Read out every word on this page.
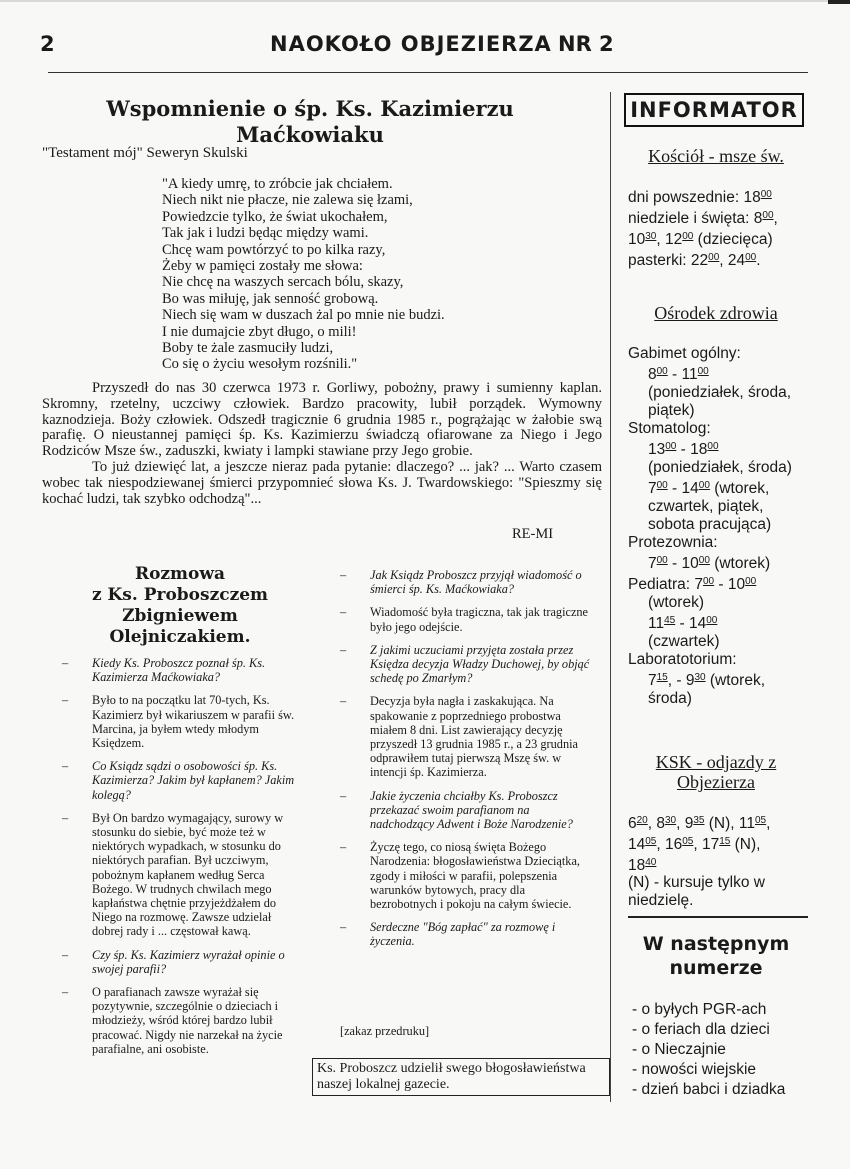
2	NAOKOŁO OBJEZIERZA NR 2
Wspomnienie o śp. Ks. Kazimierzu
Maćkowiaku
"Testament mój" Seweryn Skulski
"A kiedy umrę, to zróbcie jak chciałem.
Niech nikt nie płacze, nie zalewa się łzami,
Powiedzcie tylko, że świat ukochałem,
Tak jak i ludzi będąc między wami.
Chcę wam powtórzyć to po kilka razy,
Żeby w pamięci zostały me słowa:
Nie chcę na waszych sercach bólu, skazy,
Bo was miłuję, jak senność grobową.
Niech się wam w duszach żal po mnie nie budzi.
I nie dumajcie zbyt długo, o mili!
Boby te żale zasmuciły ludzi,
Co się o życiu wesołym rozśnili."

Przyszedł do nas 30 czerwca 1973 r. Gorliwy, pobożny, prawy i sumienny kaplan. Skromny, rzetelny, uczciwy człowiek. Bardzo pracowity, lubił porządek. Wymowny kaznodzieja. Boży człowiek. Odszedł tragicznie 6 grudnia 1985 r., pogrążając w żałobie swą parafię. O nieustannej pamięci śp. Ks. Kazimierzu świadczą ofiarowane za Niego i Jego Rodziców Msze św., zaduszki, kwiaty i lampki stawiane przy Jego grobie.

To już dziewięć lat, a jeszcze nieraz pada pytanie: dlaczego? ... jak? ... Warto czasem wobec tak niespodziewanej śmierci przypomnieć słowa Ks. J. Twardowskiego: "Spieszmy się kochać ludzi, tak szybko odchodzą"...

RE-MI
Rozmowa
z Ks. Proboszczem
Zbigniewem
Olejniczakiem.
– Kiedy Ks. Proboszcz poznał śp. Ks. Kazimierza Maćkowiaka?
– Było to na początku lat 70-tych, Ks. Kazimierz był wikariuszem w parafii św. Marcina, ja byłem wtedy młodym Księdzem.
– Co Ksiądz sądzi o osobowości śp. Ks. Kazimierza? Jakim był kapłanem? Jakim kolegą?
– Był On bardzo wymagający, surowy w stosunku do siebie, być może też w niektórych wypadkach, w stosunku do niektórych parafian. Był uczciwym, pobożnym kapłanem według Serca Bożego. W trudnych chwilach mego kapłaństwa chętnie przyjeżdżałem do Niego na rozmowę. Zawsze udzielał dobrej rady i ... częstował kawą.
– Czy śp. Ks. Kazimierz wyrażał opinie o swojej parafii?
– O parafianach zawsze wyrażał się pozytywnie, szczególnie o dzieciach i młodzieży, wśród której bardzo lubił pracować. Nigdy nie narzekał na życie parafialne, ani osobiste.
– Jak Ksiądz Proboszcz przyjął wiadomość o śmierci śp. Ks. Maćkowiaka?
– Wiadomość była tragiczna, tak jak tragiczne było jego odejście.
– Z jakimi uczuciami przyjęta została przez Księdza decyzja Władzy Duchowej, by objąć schedę po Zmarłym?
– Decyzja była nagła i zaskakująca. Na spakowanie z poprzedniego probostwa miałem 8 dni. List zawierający decyzję przyszedł 13 grudnia 1985 r., a 23 grudnia odprawiłem tutaj pierwszą Mszę św. w intencji śp. Kazimierza.
– Jakie życzenia chciałby Ks. Proboszcz przekazać swoim parafianom na nadchodzący Adwent i Boże Narodzenie?
– Życzę tego, co niosą święta Bożego Narodzenia: błogosławieństwa Dzieciątka, zgody i miłości w parafii, polepszenia warunków bytowych, pracy dla bezrobotnych i pokoju na całym świecie.
– Serdeczne "Bóg zapłać" za rozmowę i życzenia.
[zakaz przedruku]
Ks. Proboszcz udzielił swego błogosławieństwa naszej lokalnej gazecie.
INFORMATOR
Kościół - msze św.
dni powszednie: $18^{00}$
niedziele i święta: $8^{00}$,
$10^{30}$, $12^{00}$ (dziecięca)
pasterki: $22^{00}$, $24^{00}$.
Ośrodek zdrowia
Gabimet ogólny:
$8^{00} - 11^{00}$
(poniedziałek, środa,
piątek)
Stomatolog:
$13^{00} - 18^{00}$
(poniedziałek, środa)
$7^{00} - 14^{00}$ (wtorek,
czwartek, piątek,
sobota pracująca)
Protezownia:
$7^{00} - 10^{00}$ (wtorek)
Pediatra: $7^{00} - 10^{00}$
(wtorek)
$11^{45} - 14^{00}$
(czwartek)
Laboratotorium:
$7^{15}$, - $9^{30}$ (wtorek,
środa)
KSK - odjazdy z Objezierza
$6^{20}$, $8^{30}$, $9^{35}$ (N), $11^{05}$,
$14^{05}$, $16^{05}$, $17^{15}$ (N),
$18^{40}$
(N) - kursuje tylko w niedzielę.
W następnym
numerze
- o byłych PGR-ach
- o feriach dla dzieci
- o Nieczajnie
- nowości wiejskie
- dzień babci i dziadka
